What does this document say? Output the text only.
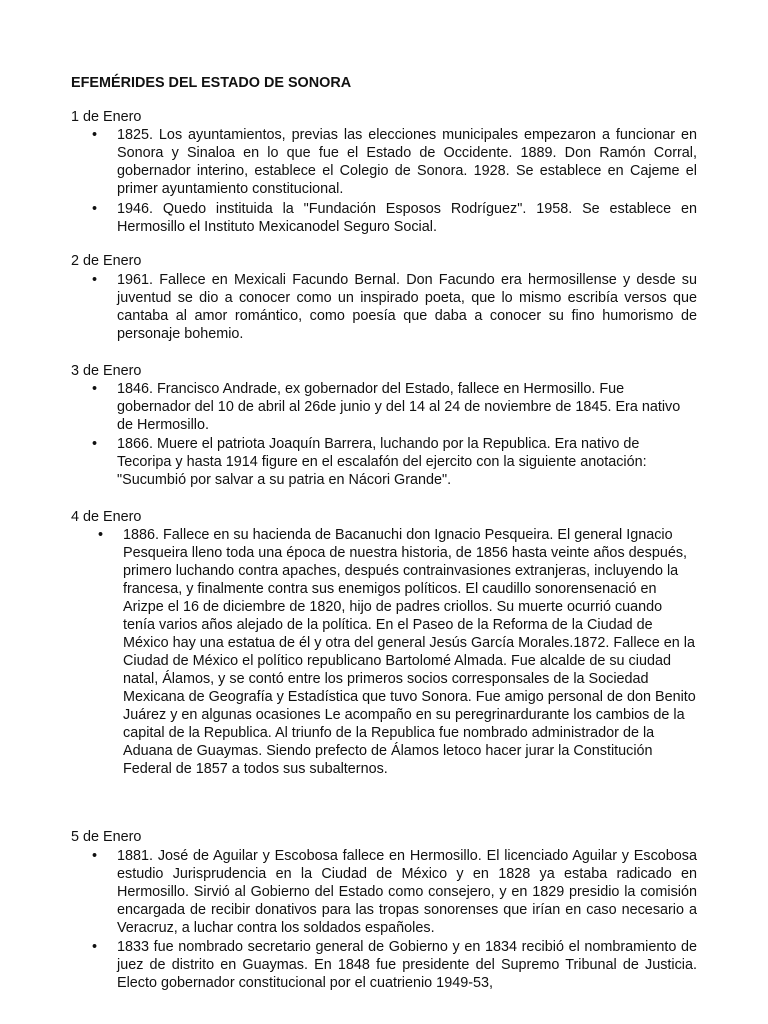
EFEMÉRIDES DEL ESTADO DE SONORA

1 de Enero

• 1825. Los ayuntamientos, previas las elecciones municipales empezaron a funcionar en Sonora y Sinaloa en lo que fue el Estado de Occidente. 1889. Don Ramón Corral, gobernador interino, establece el Colegio de Sonora. 1928. Se establece en Cajeme el primer ayuntamiento constitucional.
• 1946. Quedo instituida la "Fundación Esposos Rodríguez". 1958. Se establece en Hermosillo el Instituto Mexicanodel Seguro Social.

2 de Enero

• 1961. Fallece en Mexicali Facundo Bernal. Don Facundo era hermosillense y desde su juventud se dio a conocer como un inspirado poeta, que lo mismo escribía versos que cantaba al amor romántico, como poesía que daba a conocer su fino humorismo de personaje bohemio.

3 de Enero

• 1846. Francisco Andrade, ex gobernador del Estado, fallece en Hermosillo. Fue gobernador del 10 de abril al 26de junio y del 14 al 24 de noviembre de 1845. Era nativo de Hermosillo.
• 1866. Muere el patriota Joaquín Barrera, luchando por la Republica. Era nativo de Tecoripa y hasta 1914 figure en el escalafón del ejercito con la siguiente anotación: "Sucumbió por salvar a su patria en Nácori Grande".

4 de Enero

• 1886. Fallece en su hacienda de Bacanuchi don Ignacio Pesqueira. El general Ignacio Pesqueira lleno toda una época de nuestra historia, de 1856 hasta veinte años después, primero luchando contra apaches, después contrainvasiones extranjeras, incluyendo la francesa, y finalmente contra sus enemigos políticos. El caudillo sonorensenació en Arizpe el 16 de diciembre de 1820, hijo de padres criollos. Su muerte ocurrió cuando tenía varios años alejado de la política. En el Paseo de la Reforma de la Ciudad de México hay una estatua de él y otra del general Jesús García Morales.1872. Fallece en la Ciudad de México el político republicano Bartolomé Almada. Fue alcalde de su ciudad natal, Álamos, y se contó entre los primeros socios corresponsales de la Sociedad Mexicana de Geografía y Estadística que tuvo Sonora. Fue amigo personal de don Benito Juárez y en algunas ocasiones Le acompaño en su peregrinardurante los cambios de la capital de la Republica. Al triunfo de la Republica fue nombrado administrador de la Aduana de Guaymas. Siendo prefecto de Álamos letoco hacer jurar la Constitución Federal de 1857 a todos sus subalternos.

5 de Enero

• 1881. José de Aguilar y Escobosa fallece en Hermosillo. El licenciado Aguilar y Escobosa estudio Jurisprudencia en la Ciudad de México y en 1828 ya estaba radicado en Hermosillo. Sirvió al Gobierno del Estado como consejero, y en 1829 presidio la comisión encargada de recibir donativos para las tropas sonorenses que irían en caso necesario a Veracruz, a luchar contra los soldados españoles.
• 1833 fue nombrado secretario general de Gobierno y en 1834 recibió el nombramiento de juez de distrito en Guaymas. En 1848 fue presidente del Supremo Tribunal de Justicia. Electo gobernador constitucional por el cuatrienio 1949-53,
